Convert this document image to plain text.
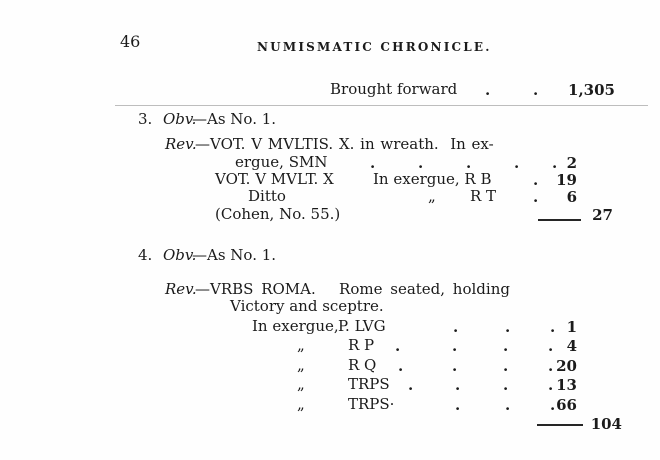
46	NUMISMATIC CHRONICLE.
Brought forward . .	1,305
3. Obv.
—As No. 1.
Rev.
—VOT. V MVLTIS. X. in wreath.  In ex-
ergue, SMN . . . . .	2
VOT. V MVLT. X	In exergue, R B .	19
Ditto	„ R T .	6
(Cohen, No. 55.)	27
4. Obv.
—As No. 1.
Rev.
—VRBS ROMA.   Rome seated, holding
Victory and sceptre.
In exergue, P. LVG . . .	1
„	R P . . . .	4
„	R Q . . . .	20
„	TRPS . . . .	13
„	TRPS· . . .	66
104
